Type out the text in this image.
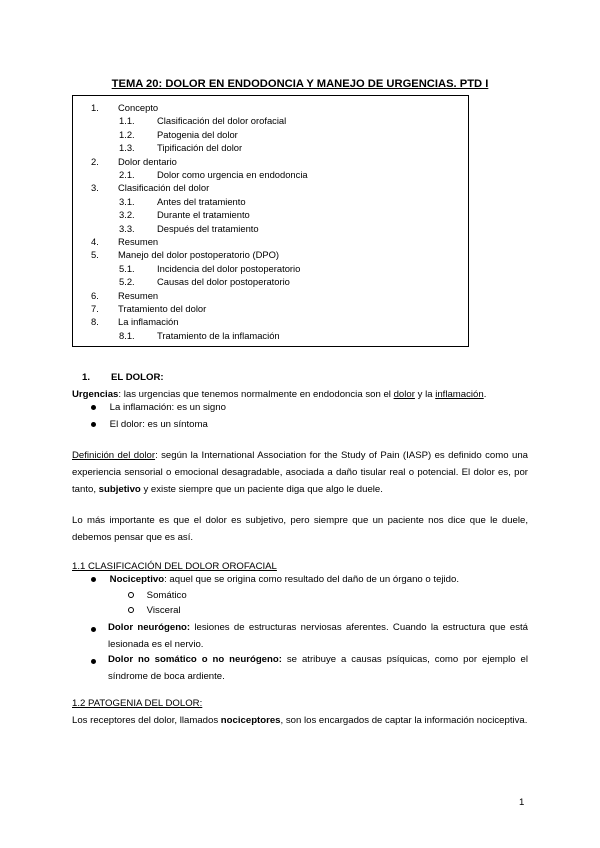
TEMA 20: DOLOR EN ENDODONCIA Y MANEJO DE URGENCIAS. PTD I
1. Concepto
1.1. Clasificación del dolor orofacial
1.2. Patogenia del dolor
1.3. Tipificación del dolor
2. Dolor dentario
2.1. Dolor como urgencia en endodoncia
3. Clasificación del dolor
3.1. Antes del tratamiento
3.2. Durante el tratamiento
3.3. Después del tratamiento
4. Resumen
5. Manejo del dolor postoperatorio (DPO)
5.1. Incidencia del dolor postoperatorio
5.2. Causas del dolor postoperatorio
6. Resumen
7. Tratamiento del dolor
8. La inflamación
8.1. Tratamiento de la inflamación
1. EL DOLOR:
Urgencias: las urgencias que tenemos normalmente en endodoncia son el dolor y la inflamación.
La inflamación: es un signo
El dolor: es un síntoma
Definición del dolor: según la International Association for the Study of Pain (IASP) es definido como una experiencia sensorial o emocional desagradable, asociada a daño tisular real o potencial. El dolor es, por tanto, subjetivo y existe siempre que un paciente diga que algo le duele.
Lo más importante es que el dolor es subjetivo, pero siempre que un paciente nos dice que le duele, debemos pensar que es así.
1.1 CLASIFICACIÓN DEL DOLOR OROFACIAL
Nociceptivo: aquel que se origina como resultado del daño de un órgano o tejido.
Somático
Visceral
Dolor neurógeno: lesiones de estructuras nerviosas aferentes. Cuando la estructura que está lesionada es el nervio.
Dolor no somático o no neurógeno: se atribuye a causas psíquicas, como por ejemplo el síndrome de boca ardiente.
1.2 PATOGENIA DEL DOLOR:
Los receptores del dolor, llamados nociceptores, son los encargados de captar la información nociceptiva.
1
